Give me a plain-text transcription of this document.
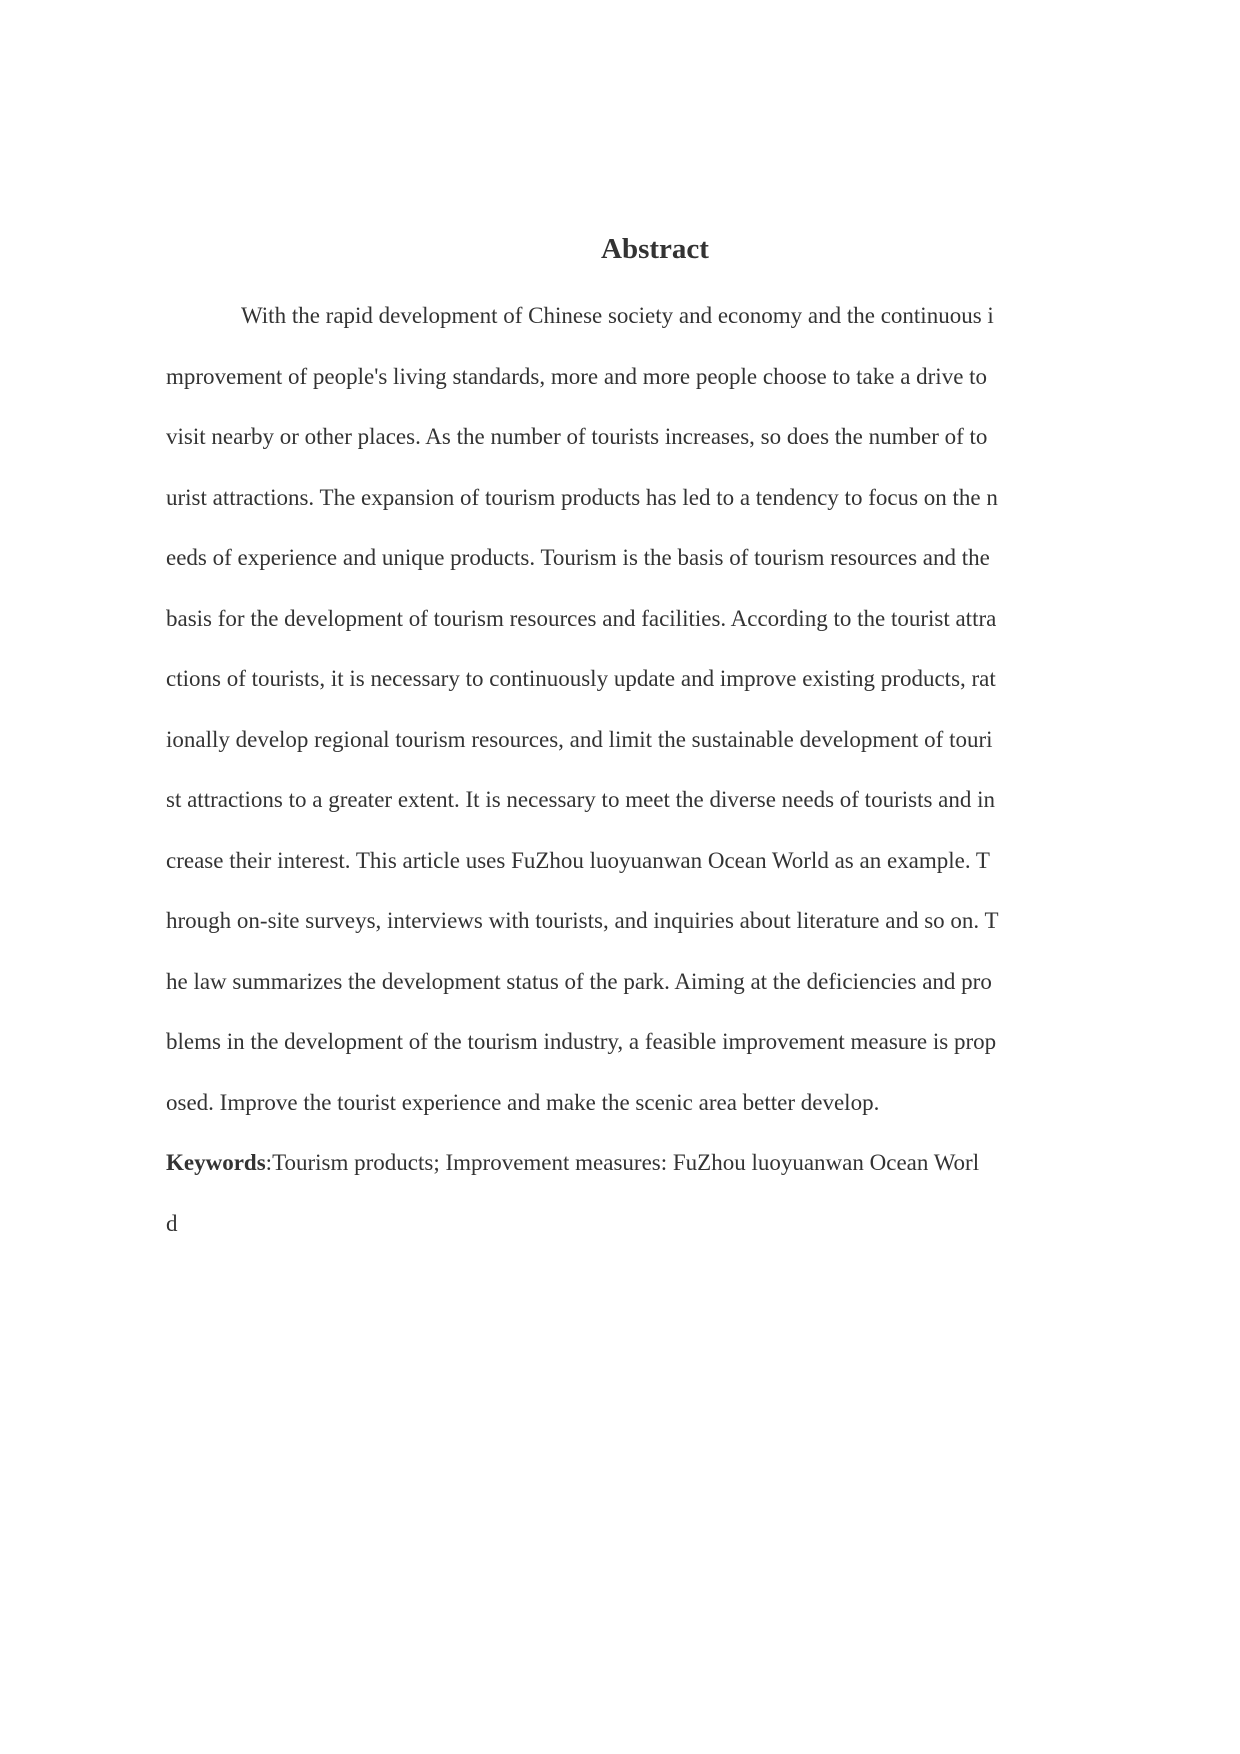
Abstract
With the rapid development of Chinese society and economy and the continuous i
mprovement of people's living standards, more and more people choose to take a drive to
visit nearby or other places. As the number of tourists increases, so does the number of to
urist attractions. The expansion of tourism products has led to a tendency to focus on the n
eeds of experience and unique products. Tourism is the basis of tourism resources and the
basis for the development of tourism resources and facilities. According to the tourist attra
ctions of tourists, it is necessary to continuously update and improve existing products, rat
ionally develop regional tourism resources, and limit the sustainable development of touri
st attractions to a greater extent. It is necessary to meet the diverse needs of tourists and in
crease their interest. This article uses FuZhou luoyuanwan Ocean World as an example. T
hrough on-site surveys, interviews with tourists, and inquiries about literature and so on. T
he law summarizes the development status of the park. Aiming at the deficiencies and pro
blems in the development of the tourism industry, a feasible improvement measure is prop
osed. Improve the tourist experience and make the scenic area better develop.
Keywords:Tourism products; Improvement measures: FuZhou luoyuanwan Ocean Worl
d
